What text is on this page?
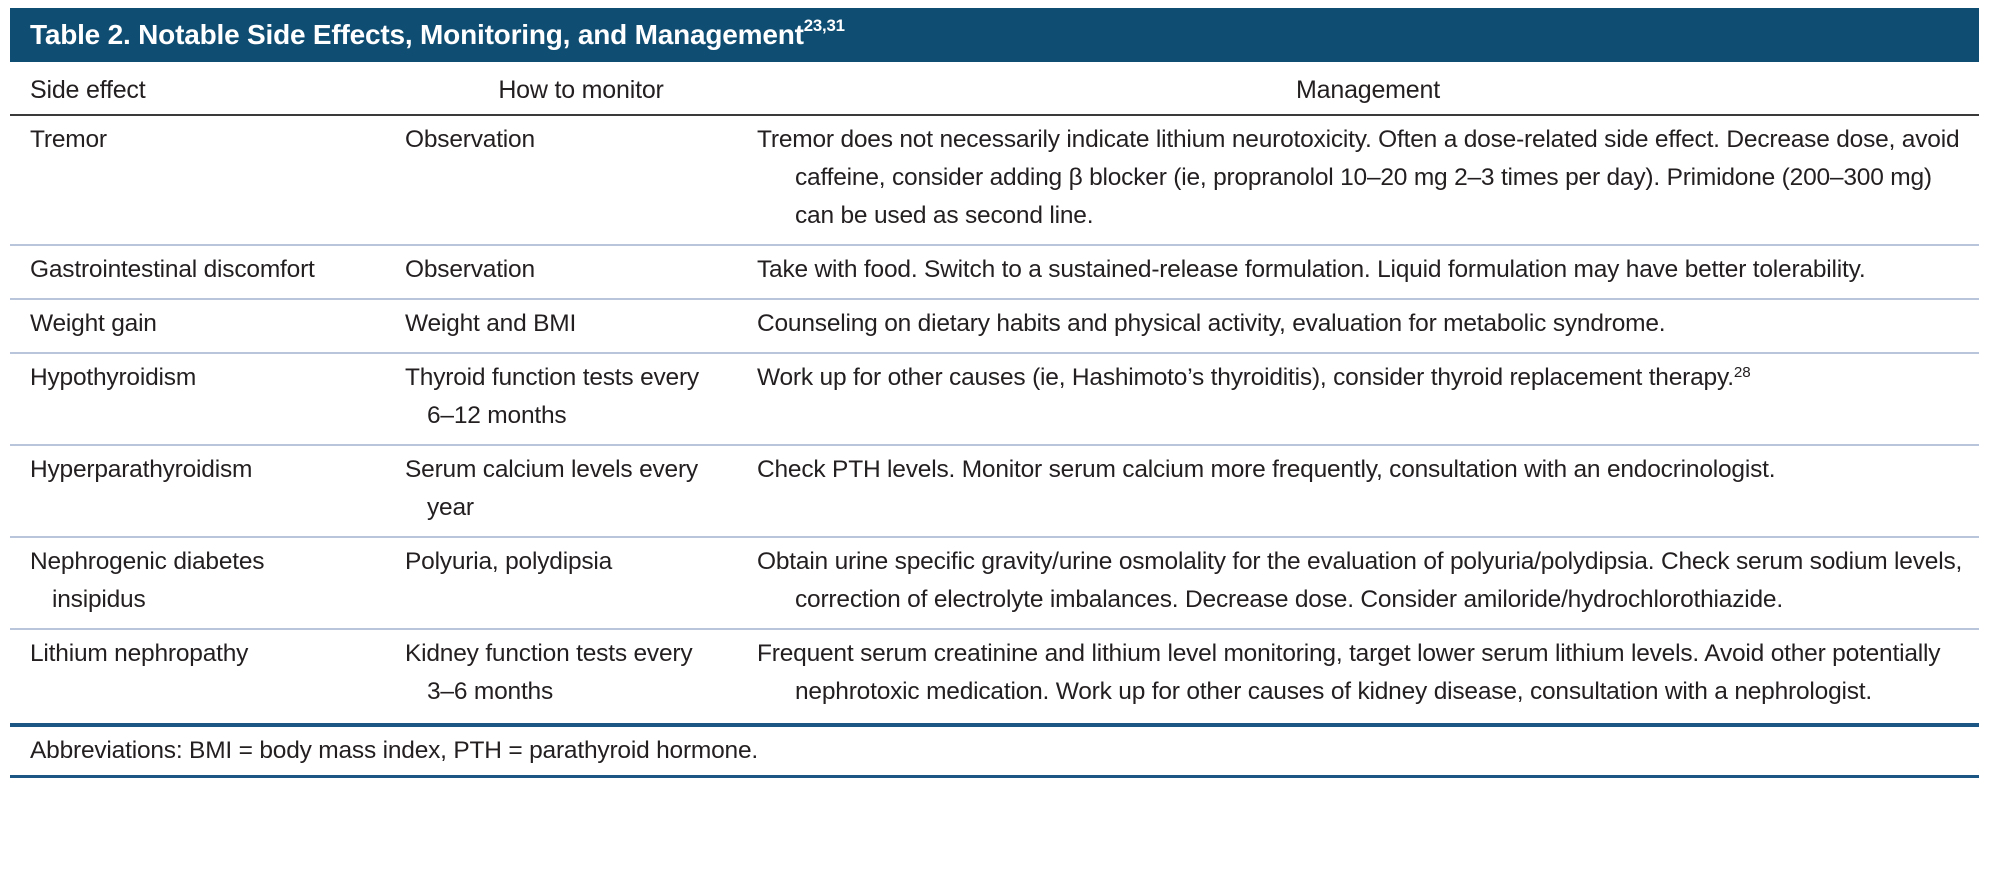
Table 2. Notable Side Effects, Monitoring, and Management$^{23,31}$
Side effect	How to monitor	Management

Tremor	Observation	Tremor does not necessarily indicate lithium neurotoxicity. Often a dose-related side effect. Decrease dose, avoid caffeine, consider adding β blocker (ie, propranolol 10–20 mg 2–3 times per day). Primidone (200–300 mg) can be used as second line.

Gastrointestinal discomfort	Observation	Take with food. Switch to a sustained-release formulation. Liquid formulation may have better tolerability.

Weight gain	Weight and BMI	Counseling on dietary habits and physical activity, evaluation for metabolic syndrome.

Hypothyroidism	Thyroid function tests every 6–12 months	Work up for other causes (ie, Hashimoto’s thyroiditis), consider thyroid replacement therapy.$^{28}$

Hyperparathyroidism	Serum calcium levels every year	Check PTH levels. Monitor serum calcium more frequently, consultation with an endocrinologist.

Nephrogenic diabetes insipidus	Polyuria, polydipsia	Obtain urine specific gravity/urine osmolality for the evaluation of polyuria/polydipsia. Check serum sodium levels, correction of electrolyte imbalances. Decrease dose. Consider amiloride/hydrochlorothiazide.

Lithium nephropathy	Kidney function tests every 3–6 months	Frequent serum creatinine and lithium level monitoring, target lower serum lithium levels. Avoid other potentially nephrotoxic medication. Work up for other causes of kidney disease, consultation with a nephrologist.
Abbreviations: BMI = body mass index, PTH = parathyroid hormone.
